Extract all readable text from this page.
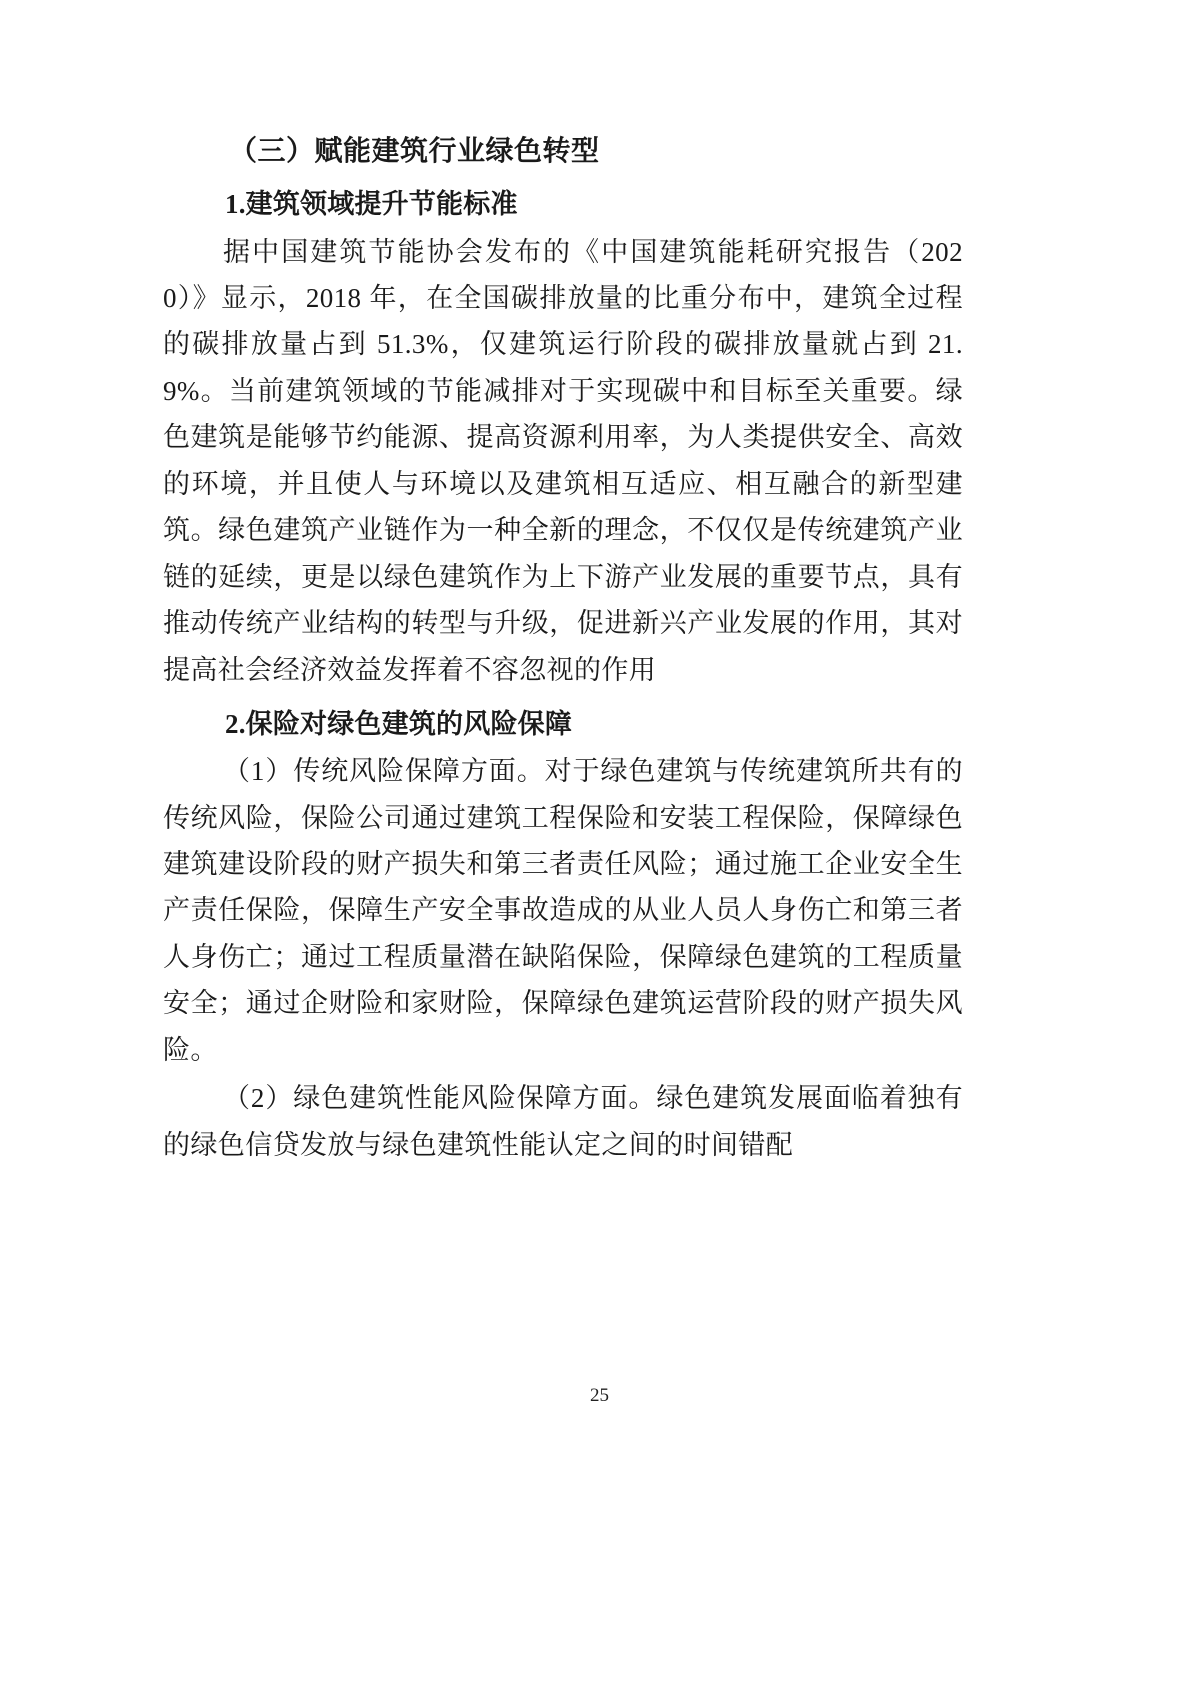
（三）赋能建筑行业绿色转型
1.建筑领域提升节能标准

据中国建筑节能协会发布的《中国建筑能耗研究报告（2020）》显示，2018 年，在全国碳排放量的比重分布中，建筑全过程的碳排放量占到 51.3%，仅建筑运行阶段的碳排放量就占到 21.9%。当前建筑领域的节能减排对于实现碳中和目标至关重要。绿色建筑是能够节约能源、提高资源利用率，为人类提供安全、高效的环境，并且使人与环境以及建筑相互适应、相互融合的新型建筑。绿色建筑产业链作为一种全新的理念，不仅仅是传统建筑产业链的延续，更是以绿色建筑作为上下游产业发展的重要节点，具有推动传统产业结构的转型与升级，促进新兴产业发展的作用，其对提高社会经济效益发挥着不容忽视的作用

2.保险对绿色建筑的风险保障

（1）传统风险保障方面。对于绿色建筑与传统建筑所共有的传统风险，保险公司通过建筑工程保险和安装工程保险，保障绿色建筑建设阶段的财产损失和第三者责任风险；通过施工企业安全生产责任保险，保障生产安全事故造成的从业人员人身伤亡和第三者人身伤亡；通过工程质量潜在缺陷保险，保障绿色建筑的工程质量安全；通过企财险和家财险，保障绿色建筑运营阶段的财产损失风险。

（2）绿色建筑性能风险保障方面。绿色建筑发展面临着独有的绿色信贷发放与绿色建筑性能认定之间的时间错配

25
